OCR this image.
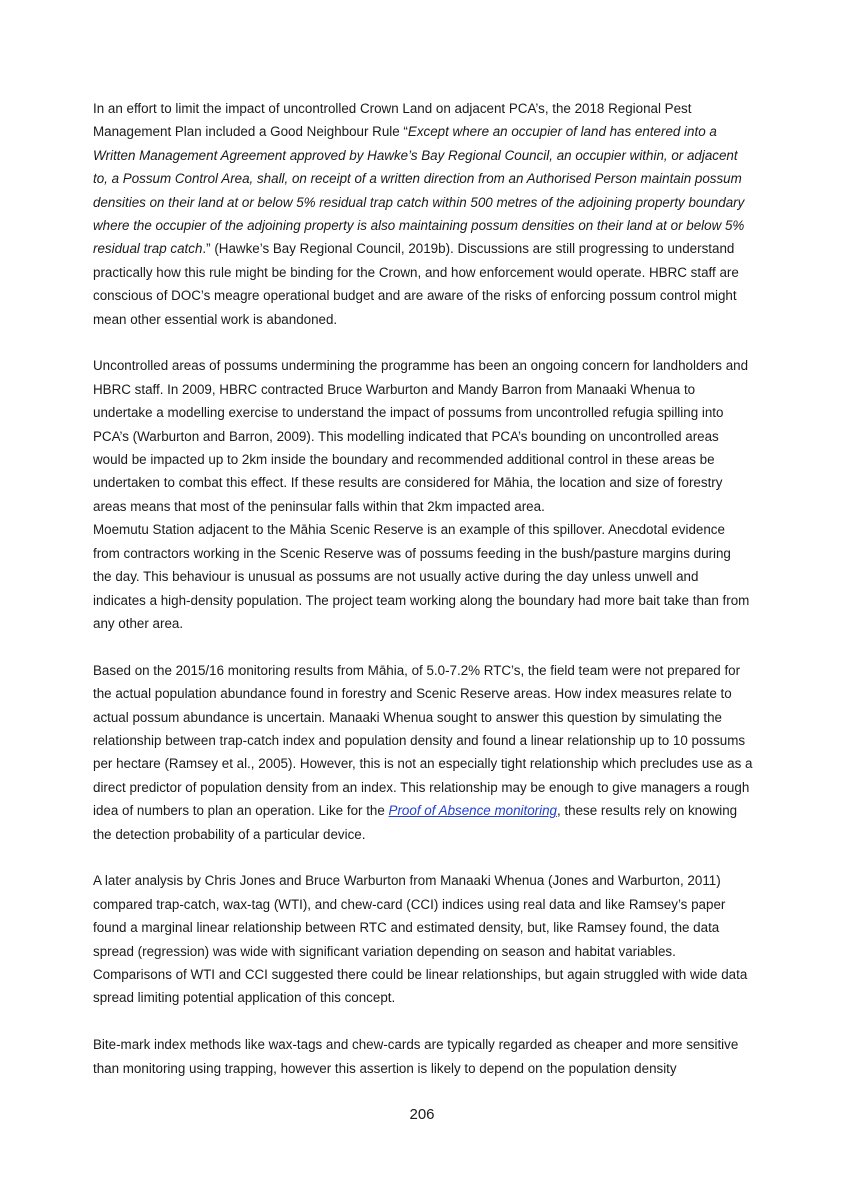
In an effort to limit the impact of uncontrolled Crown Land on adjacent PCA’s, the 2018 Regional Pest Management Plan included a Good Neighbour Rule “Except where an occupier of land has entered into a Written Management Agreement approved by Hawke’s Bay Regional Council, an occupier within, or adjacent to, a Possum Control Area, shall, on receipt of a written direction from an Authorised Person maintain possum densities on their land at or below 5% residual trap catch within 500 metres of the adjoining property boundary where the occupier of the adjoining property is also maintaining possum densities on their land at or below 5% residual trap catch.” (Hawke’s Bay Regional Council, 2019b). Discussions are still progressing to understand practically how this rule might be binding for the Crown, and how enforcement would operate. HBRC staff are conscious of DOC’s meagre operational budget and are aware of the risks of enforcing possum control might mean other essential work is abandoned.

Uncontrolled areas of possums undermining the programme has been an ongoing concern for landholders and HBRC staff. In 2009, HBRC contracted Bruce Warburton and Mandy Barron from Manaaki Whenua to undertake a modelling exercise to understand the impact of possums from uncontrolled refugia spilling into PCA’s (Warburton and Barron, 2009). This modelling indicated that PCA’s bounding on uncontrolled areas would be impacted up to 2km inside the boundary and recommended additional control in these areas be undertaken to combat this effect. If these results are considered for Māhia, the location and size of forestry areas means that most of the peninsular falls within that 2km impacted area.

Moemutu Station adjacent to the Māhia Scenic Reserve is an example of this spillover. Anecdotal evidence from contractors working in the Scenic Reserve was of possums feeding in the bush/pasture margins during the day. This behaviour is unusual as possums are not usually active during the day unless unwell and indicates a high-density population. The project team working along the boundary had more bait take than from any other area.

Based on the 2015/16 monitoring results from Māhia, of 5.0-7.2% RTC’s, the field team were not prepared for the actual population abundance found in forestry and Scenic Reserve areas. How index measures relate to actual possum abundance is uncertain. Manaaki Whenua sought to answer this question by simulating the relationship between trap-catch index and population density and found a linear relationship up to 10 possums per hectare (Ramsey et al., 2005). However, this is not an especially tight relationship which precludes use as a direct predictor of population density from an index. This relationship may be enough to give managers a rough idea of numbers to plan an operation. Like for the Proof of Absence monitoring, these results rely on knowing the detection probability of a particular device.

A later analysis by Chris Jones and Bruce Warburton from Manaaki Whenua (Jones and Warburton, 2011) compared trap-catch, wax-tag (WTI), and chew-card (CCI) indices using real data and like Ramsey’s paper found a marginal linear relationship between RTC and estimated density, but, like Ramsey found, the data spread (regression) was wide with significant variation depending on season and habitat variables. Comparisons of WTI and CCI suggested there could be linear relationships, but again struggled with wide data spread limiting potential application of this concept.

Bite-mark index methods like wax-tags and chew-cards are typically regarded as cheaper and more sensitive than monitoring using trapping, however this assertion is likely to depend on the population density

206
